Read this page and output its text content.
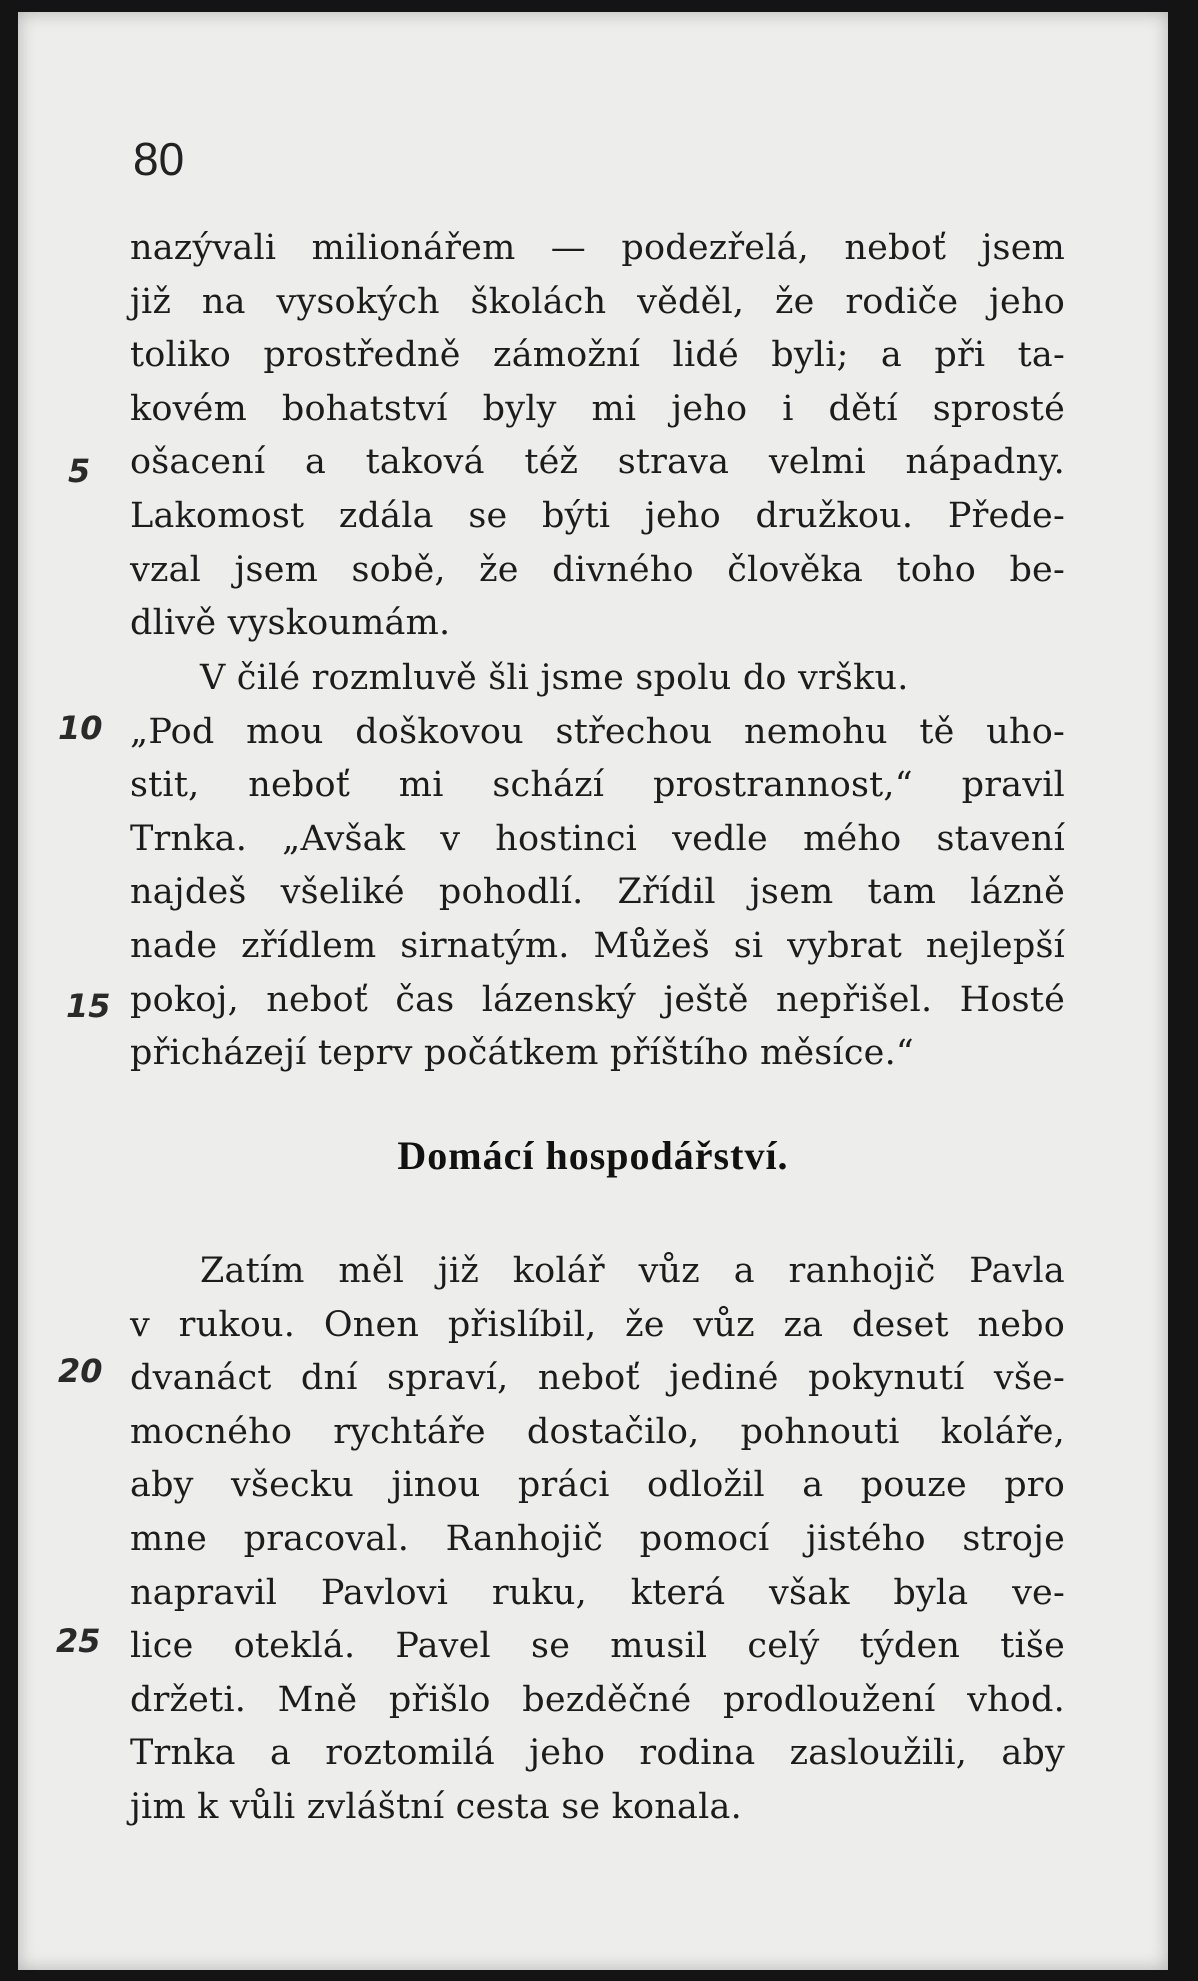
80
nazývali milionářem — podezřelá, neboť jsem
již na vysokých školách věděl, že rodiče jeho
toliko prostředně zámožní lidé byli; a při ta-
kovém bohatství byly mi jeho i dětí sprosté
ošacení a taková též strava velmi nápadny.
Lakomost zdála se býti jeho družkou. Přede-
vzal jsem sobě, že divného člověka toho be-
dlivě vyskoumám.
V čilé rozmluvě šli jsme spolu do vršku.
„Pod mou doškovou střechou nemohu tě uho-
stit, neboť mi schází prostrannost,“ pravil
Trnka. „Avšak v hostinci vedle mého stavení
najdeš všeliké pohodlí. Zřídil jsem tam lázně
nade zřídlem sirnatým. Můžeš si vybrat nejlepší
pokoj, neboť čas lázenský ještě nepřišel. Hosté
přicházejí teprv počátkem příštího měsíce.“
Domácí hospodářství.
Zatím měl již kolář vůz a ranhojič Pavla
v rukou. Onen přislíbil, že vůz za deset nebo
dvanáct dní spraví, neboť jediné pokynutí vše-
mocného rychtáře dostačilo, pohnouti koláře,
aby všecku jinou práci odložil a pouze pro
mne pracoval. Ranhojič pomocí jistého stroje
napravil Pavlovi ruku, která však byla ve-
lice oteklá. Pavel se musil celý týden tiše
držeti. Mně přišlo bezděčné prodloužení vhod.
Trnka a roztomilá jeho rodina zasloužili, aby
jim k vůli zvláštní cesta se konala.
5
10
15
20
25
